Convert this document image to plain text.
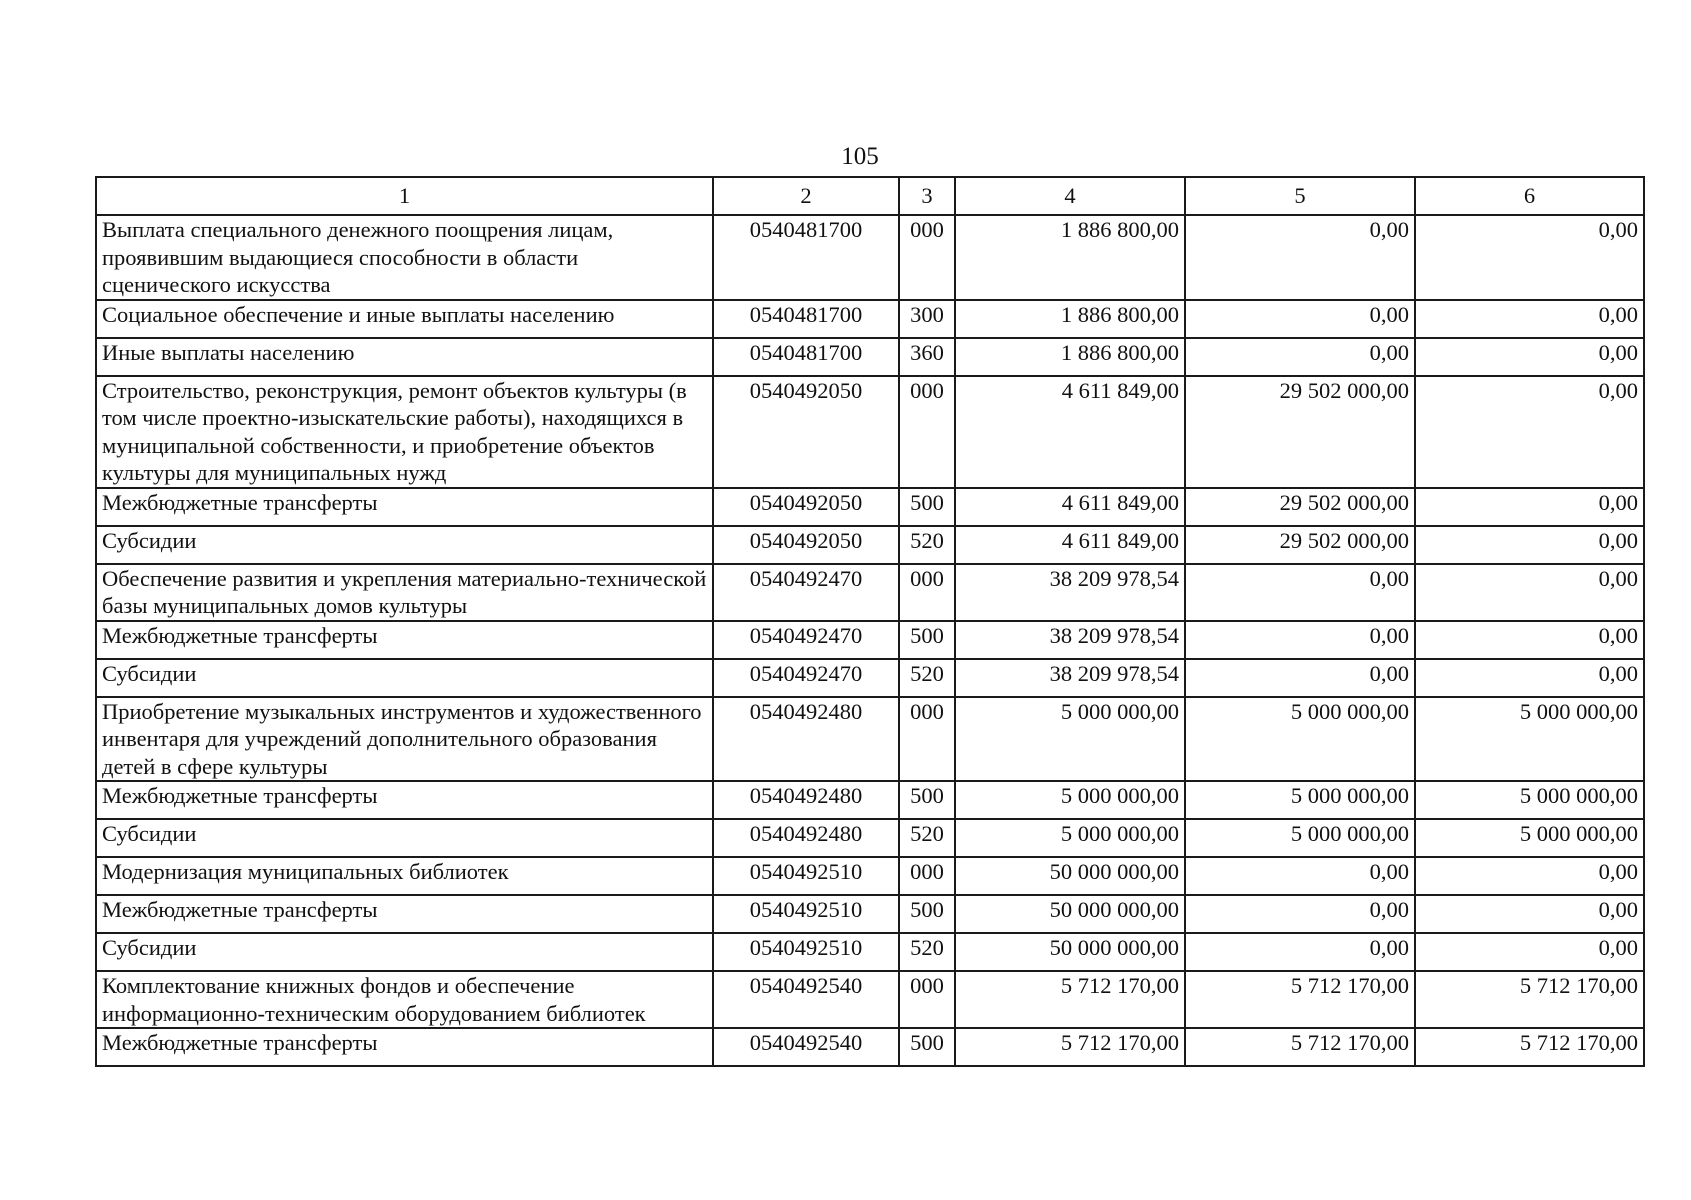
105
1	2	3	4	5	6
Выплата специального денежного поощрения лицам, проявившим выдающиеся способности в области сценического искусства	0540481700	000	1 886 800,00	0,00	0,00
Социальное обеспечение и иные выплаты населению	0540481700	300	1 886 800,00	0,00	0,00
Иные выплаты населению	0540481700	360	1 886 800,00	0,00	0,00
Строительство, реконструкция, ремонт объектов культуры (в том числе проектно-изыскательские работы), находящихся в муниципальной собственности, и приобретение объектов культуры для муниципальных нужд	0540492050	000	4 611 849,00	29 502 000,00	0,00
Межбюджетные трансферты	0540492050	500	4 611 849,00	29 502 000,00	0,00
Субсидии	0540492050	520	4 611 849,00	29 502 000,00	0,00
Обеспечение развития и укрепления материально-технической базы муниципальных домов культуры	0540492470	000	38 209 978,54	0,00	0,00
Межбюджетные трансферты	0540492470	500	38 209 978,54	0,00	0,00
Субсидии	0540492470	520	38 209 978,54	0,00	0,00
Приобретение музыкальных инструментов и художественного инвентаря для учреждений дополнительного образования детей в сфере культуры	0540492480	000	5 000 000,00	5 000 000,00	5 000 000,00
Межбюджетные трансферты	0540492480	500	5 000 000,00	5 000 000,00	5 000 000,00
Субсидии	0540492480	520	5 000 000,00	5 000 000,00	5 000 000,00
Модернизация муниципальных библиотек	0540492510	000	50 000 000,00	0,00	0,00
Межбюджетные трансферты	0540492510	500	50 000 000,00	0,00	0,00
Субсидии	0540492510	520	50 000 000,00	0,00	0,00
Комплектование книжных фондов и обеспечение информационно-техническим оборудованием библиотек	0540492540	000	5 712 170,00	5 712 170,00	5 712 170,00
Межбюджетные трансферты	0540492540	500	5 712 170,00	5 712 170,00	5 712 170,00
